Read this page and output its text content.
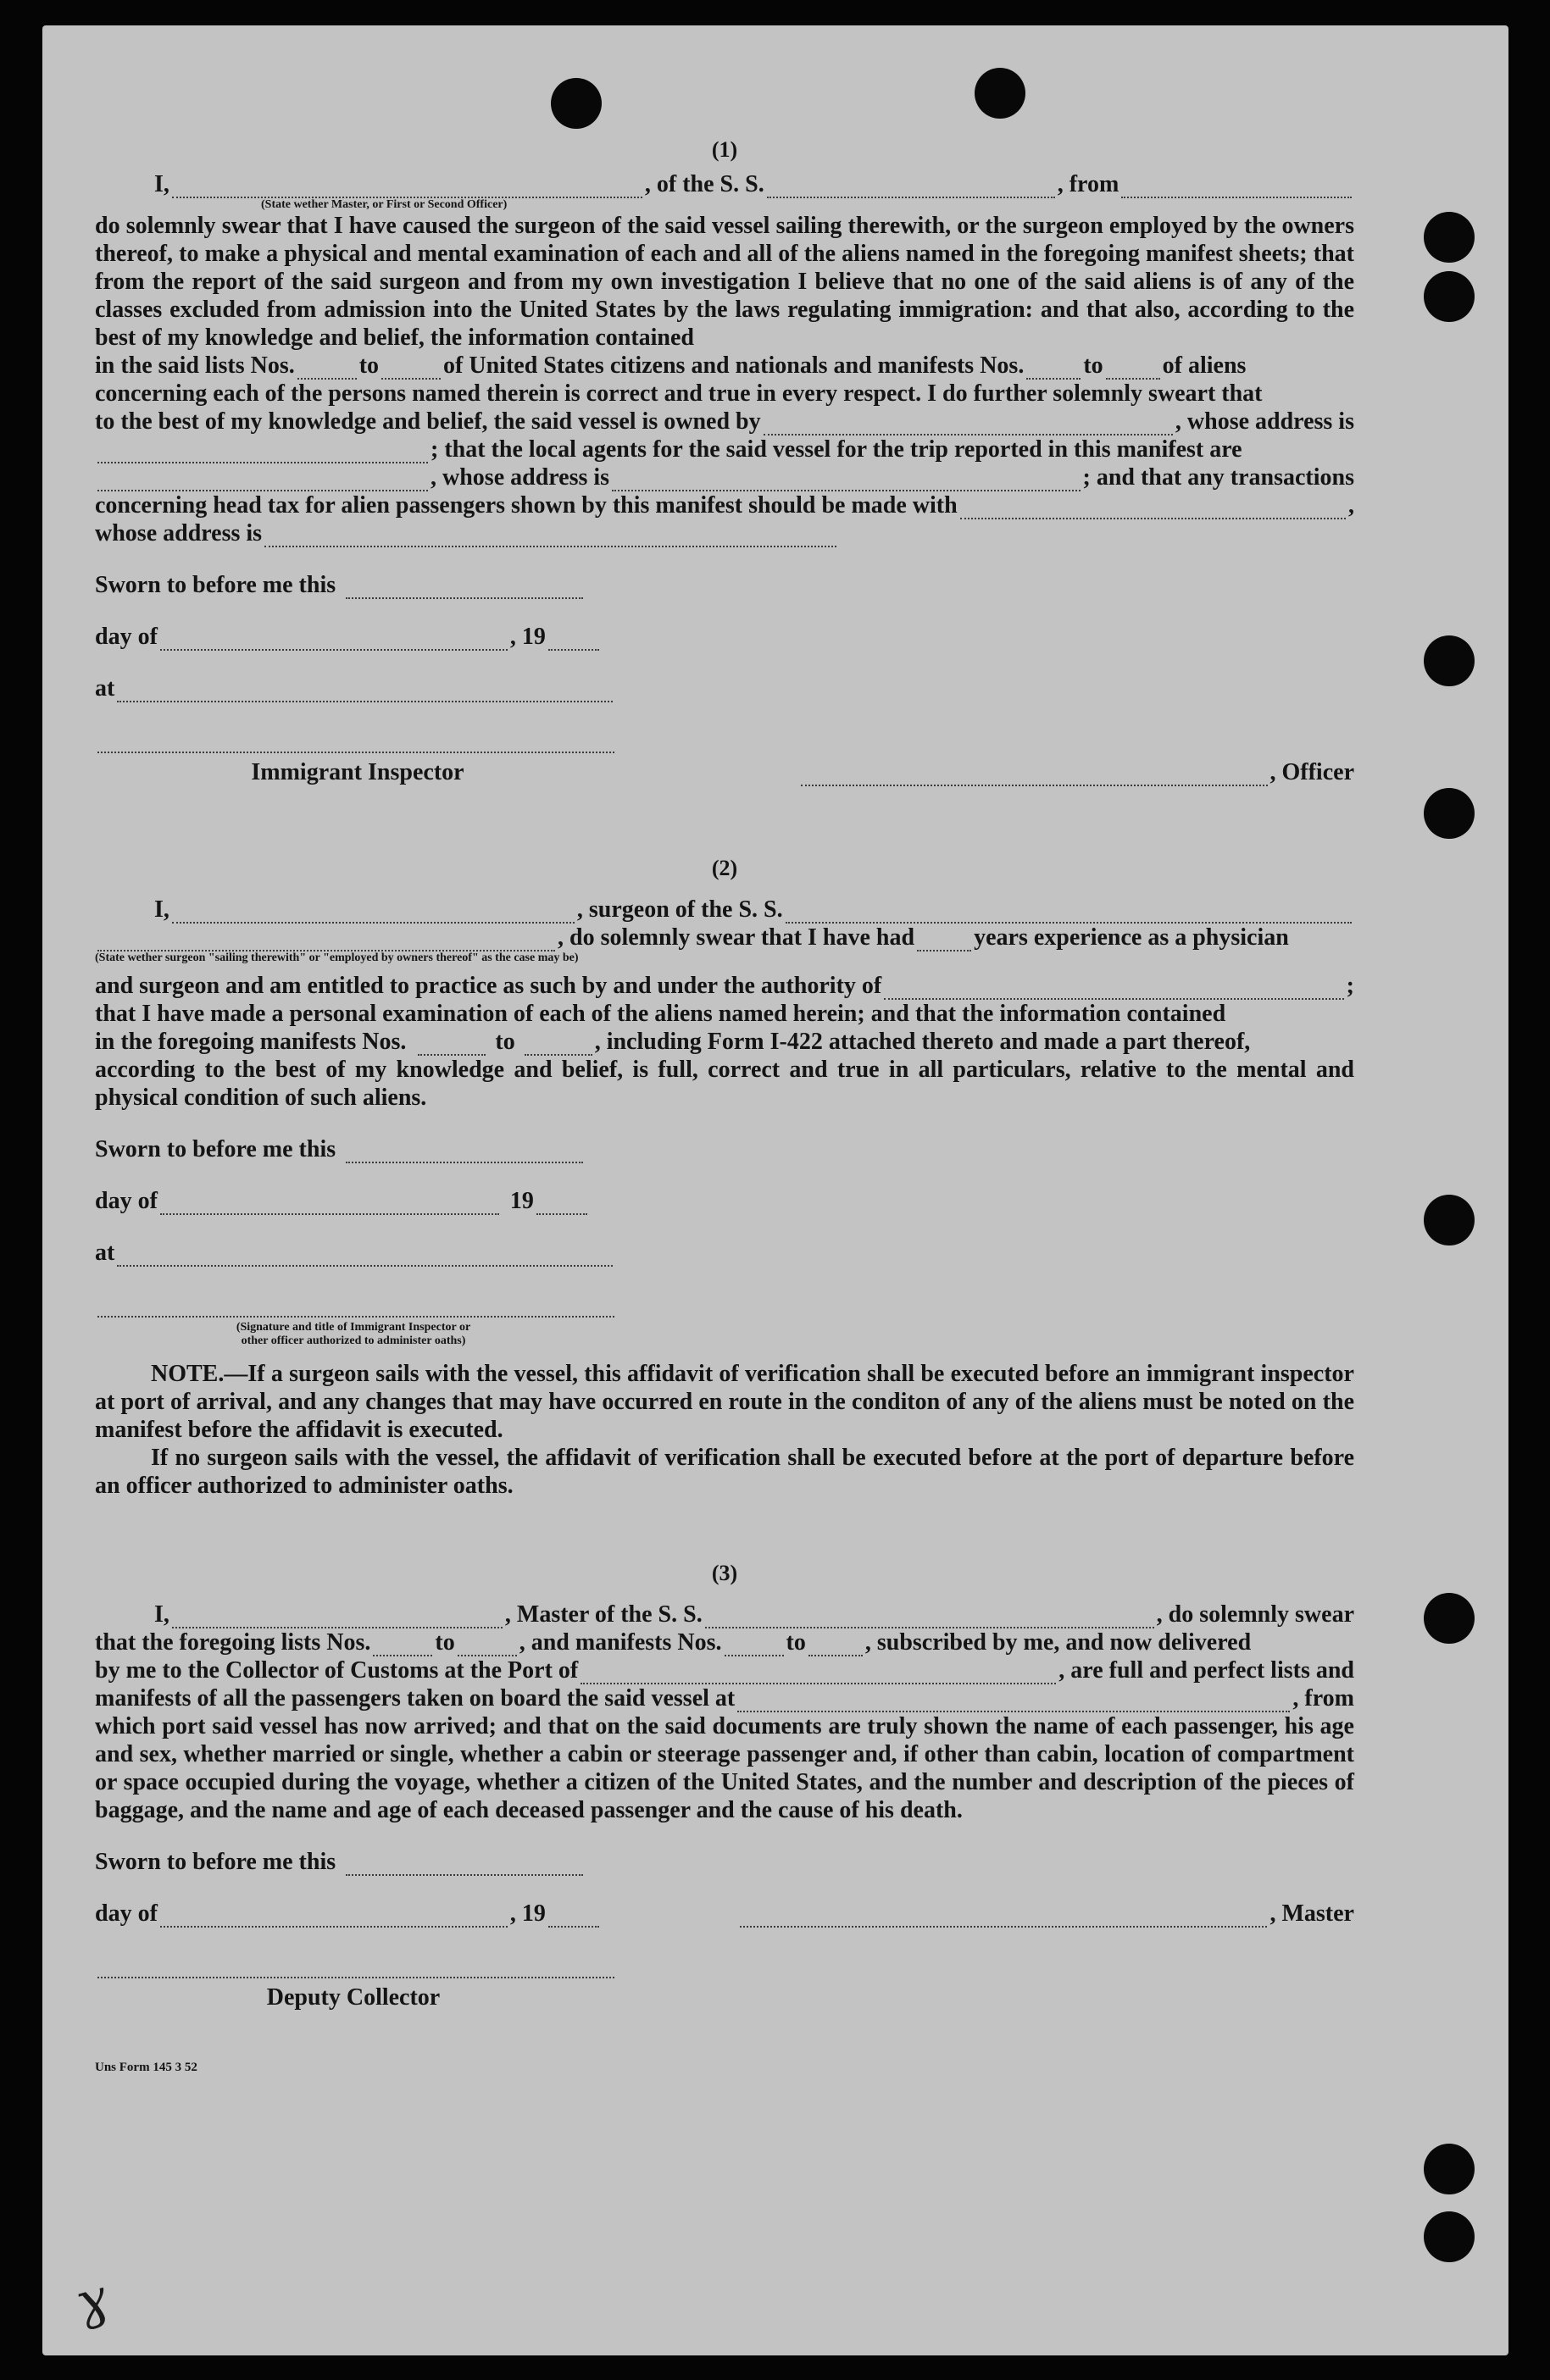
(1)
I,	, of the S. S.	, from
(State wether Master, or First or Second Officer)

do solemnly swear that I have caused the surgeon of the said vessel sailing therewith, or the surgeon employed by the owners thereof, to make a physical and mental examination of each and all of the aliens named in the foregoing manifest sheets; that from the report of the said surgeon and from my own investigation I believe that no one of the said aliens is of any of the classes excluded from admission into the United States by the laws regulating immigration: and that also, according to the best of my knowledge and belief, the information contained

in the said lists Nos.	to	of United States citizens and nationals and manifests Nos.	to	of aliens

concerning each of the persons named therein is correct and true in every respect. I do further solemnly sweart that

to the best of my knowledge and belief, the said vessel is owned by	, whose address is
; that the local agents for the said vessel for the trip reported in this manifest are
, whose address is	; and that any transactions
concerning head tax for alien passengers shown by this manifest should be made with	,
whose address is
Sworn to before me this
day of	, 19
at
Immigrant Inspector	, Officer
(2)
I,	, surgeon of the S. S.
, do solemnly swear that I have had	years experience as a physician
(State wether surgeon "sailing therewith" or "employed by owners thereof" as the case may be)
and surgeon and am entitled to practice as such by and under the authority of	;

that I have made a personal examination of each of the aliens named herein; and that the information contained

in the foregoing manifests Nos.	to	, including Form I-422 attached thereto and made a part thereof,

according to the best of my knowledge and belief, is full, correct and true in all particulars, relative to the mental and physical condition of such aliens.

Sworn to before me this
day of	19
at
(Signature and title of Immigrant Inspector or other officer authorized to administer oaths)

NOTE.—If a surgeon sails with the vessel, this affidavit of verification shall be executed before an immigrant inspector at port of arrival, and any changes that may have occurred en route in the conditon of any of the aliens must be noted on the manifest before the affidavit is executed.

If no surgeon sails with the vessel, the affidavit of verification shall be executed before at the port of departure before an officer authorized to administer oaths.

(3)
I,	, Master of the S. S.	, do solemnly swear
that the foregoing lists Nos.	to	, and manifests Nos.	to	, subscribed by me, and now delivered
by me to the Collector of Customs at the Port of	, are full and perfect lists and
manifests of all the passengers taken on board the said vessel at	, from

which port said vessel has now arrived; and that on the said documents are truly shown the name of each passenger, his age and sex, whether married or single, whether a cabin or steerage passenger and, if other than cabin, location of compartment or space occupied during the voyage, whether a citizen of the United States, and the number and description of the pieces of baggage, and the name and age of each deceased passenger and the cause of his death.

Sworn to before me this
day of	, 19	, Master
Deputy Collector
Uns Form 145 3 52
ɣ
